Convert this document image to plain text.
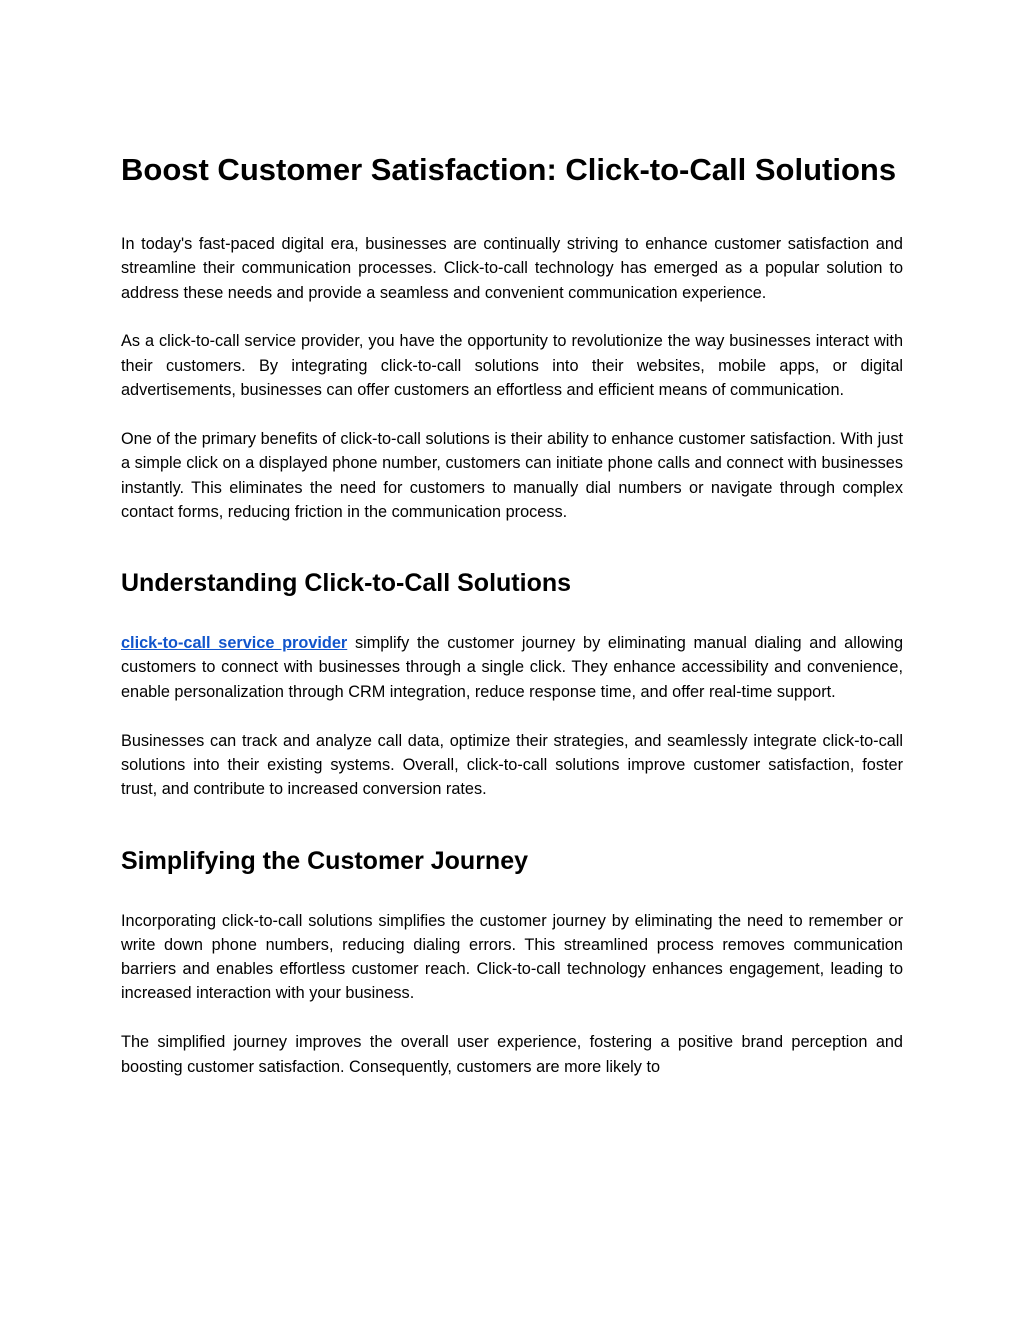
Boost Customer Satisfaction: Click-to-Call Solutions

In today's fast-paced digital era, businesses are continually striving to enhance customer satisfaction and streamline their communication processes. Click-to-call technology has emerged as a popular solution to address these needs and provide a seamless and convenient communication experience.

As a click-to-call service provider, you have the opportunity to revolutionize the way businesses interact with their customers. By integrating click-to-call solutions into their websites, mobile apps, or digital advertisements, businesses can offer customers an effortless and efficient means of communication.

One of the primary benefits of click-to-call solutions is their ability to enhance customer satisfaction. With just a simple click on a displayed phone number, customers can initiate phone calls and connect with businesses instantly. This eliminates the need for customers to manually dial numbers or navigate through complex contact forms, reducing friction in the communication process.

Understanding Click-to-Call Solutions

click-to-call service provider simplify the customer journey by eliminating manual dialing and allowing customers to connect with businesses through a single click. They enhance accessibility and convenience, enable personalization through CRM integration, reduce response time, and offer real-time support.

Businesses can track and analyze call data, optimize their strategies, and seamlessly integrate click-to-call solutions into their existing systems. Overall, click-to-call solutions improve customer satisfaction, foster trust, and contribute to increased conversion rates.

Simplifying the Customer Journey

Incorporating click-to-call solutions simplifies the customer journey by eliminating the need to remember or write down phone numbers, reducing dialing errors. This streamlined process removes communication barriers and enables effortless customer reach. Click-to-call technology enhances engagement, leading to increased interaction with your business.

The simplified journey improves the overall user experience, fostering a positive brand perception and boosting customer satisfaction. Consequently, customers are more likely to
